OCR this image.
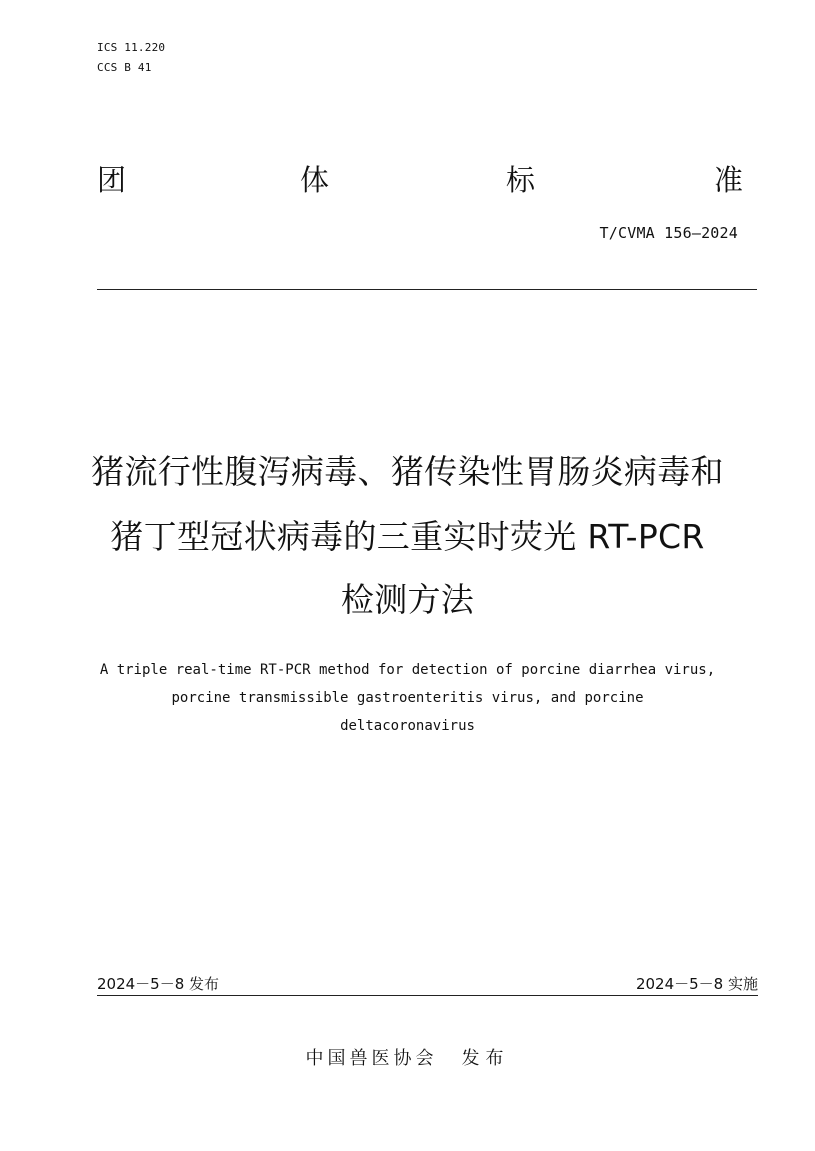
ICS 11.220
CCS B 41
团	体	标	准
T/CVMA 156—2024
猪流行性腹泻病毒、猪传染性胃肠炎病毒和
猪丁型冠状病毒的三重实时荧光 RT-PCR
检测方法
A triple real-time RT-PCR method for detection of porcine diarrhea virus,
porcine transmissible gastroenteritis virus, and porcine
deltacoronavirus
2024－5－8 发布	2024－5－8 实施
中国兽医协会 发布
